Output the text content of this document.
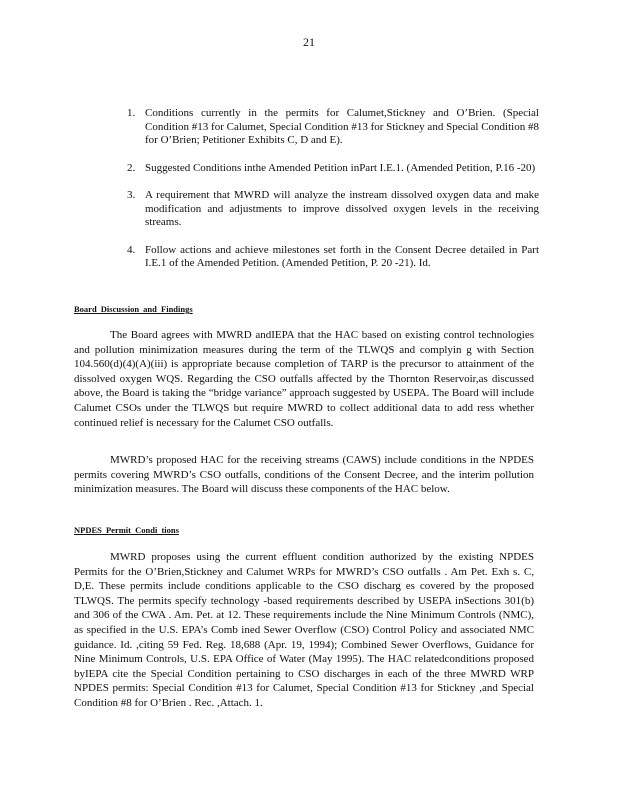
21
1. Conditions currently in the permits for Calumet,Stickney and O’Brien. (Special Condition #13 for Calumet, Special Condition #13 for Stickney and Special Condition #8 for O’Brien; Petitioner Exhibits C, D and E).
2. Suggested Conditions inthe Amended Petition inPart I.E.1. (Amended Petition, P.16 -20)
3. A requirement that MWRD will analyze the instream dissolved oxygen data and make modification and adjustments to improve dissolved oxygen levels in the receiving streams.
4. Follow actions and achieve milestones set forth in the Consent Decree detailed in Part I.E.1 of the Amended Petition. (Amended Petition, P. 20 -21). Id.
Board Discussion and Findings

The Board agrees with MWRD andIEPA that the HAC based on existing control technologies and pollution minimization measures during the term of the TLWQS and complyin g with Section 104.560(d)(4)(A)(iii) is appropriate because completion of TARP is the precursor to attainment of the dissolved oxygen WQS. Regarding the CSO outfalls affected by the Thornton Reservoir,as discussed above, the Board is taking the “bridge variance” approach suggested by USEPA. The Board will include Calumet CSOs under the TLWQS but require MWRD to collect additional data to add ress whether continued relief is necessary for the Calumet CSO outfalls.

MWRD’s proposed HAC for the receiving streams (CAWS) include conditions in the NPDES permits covering MWRD’s CSO outfalls, conditions of the Consent Decree, and the interim pollution minimization measures. The Board will discuss these components of the HAC below.

NPDES Permit Condi tions

MWRD proposes using the current effluent condition authorized by the existing NPDES Permits for the O’Brien,Stickney and Calumet WRPs for MWRD’s CSO outfalls . Am Pet. Exh s. C, D,E. These permits include conditions applicable to the CSO discharg es covered by the proposed TLWQS. The permits specify technology -based requirements described by USEPA inSections 301(b) and 306 of the CWA . Am. Pet. at 12. These requirements include the Nine Minimum Controls (NMC), as specified in the U.S. EPA’s Comb ined Sewer Overflow (CSO) Control Policy and associated NMC guidance. Id. ,citing 59 Fed. Reg. 18,688 (Apr. 19, 1994); Combined Sewer Overflows, Guidance for Nine Minimum Controls, U.S. EPA Office of Water (May 1995). The HAC relatedconditions proposed byIEPA cite the Special Condition pertaining to CSO discharges in each of the three MWRD WRP NPDES permits: Special Condition #13 for Calumet, Special Condition #13 for Stickney ,and Special Condition #8 for O’Brien . Rec. ,Attach. 1.
